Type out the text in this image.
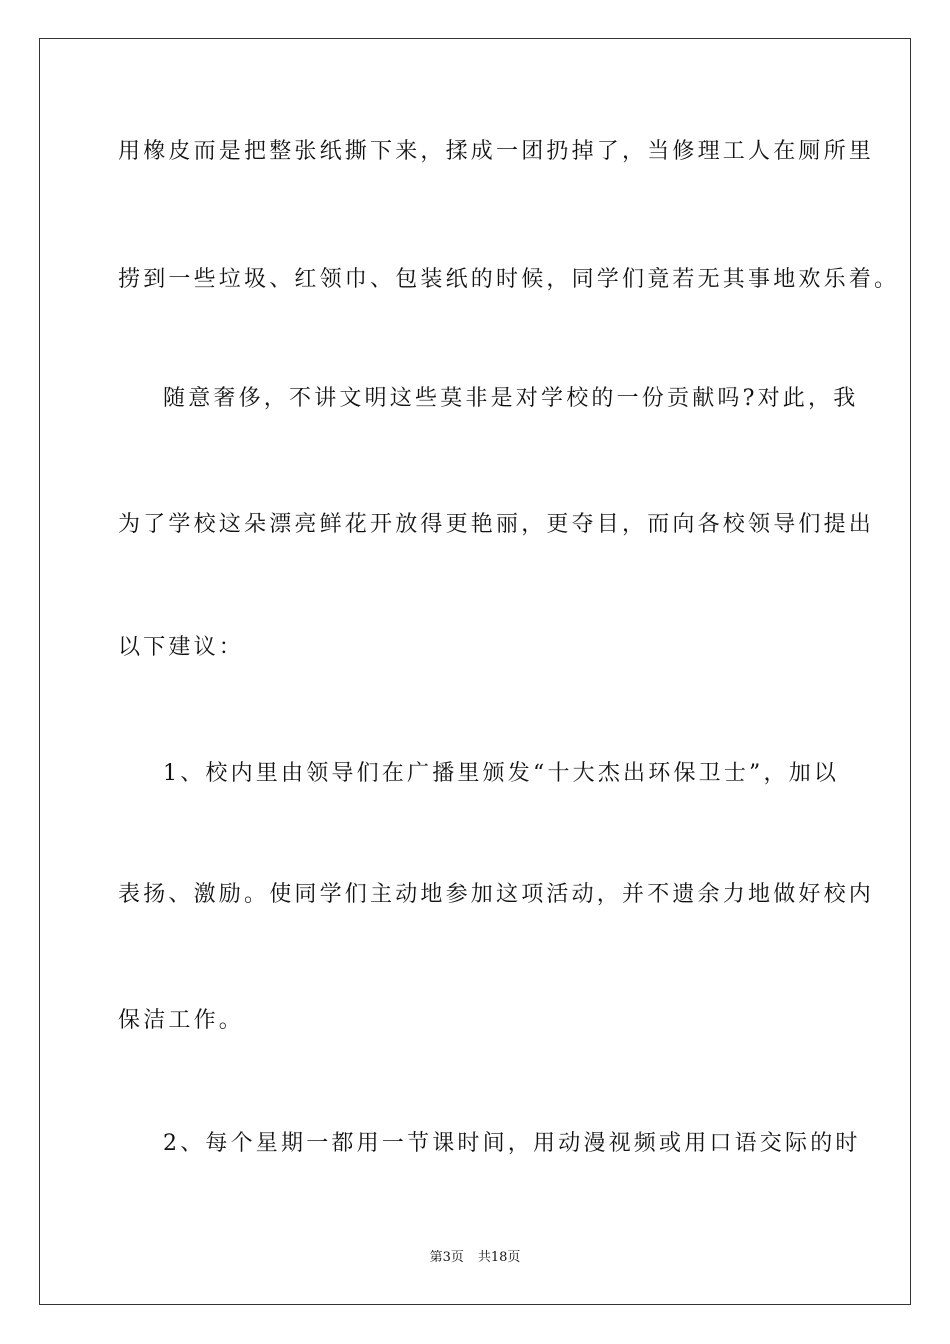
用橡皮而是把整张纸撕下来，揉成一团扔掉了，当修理工人在厕所里

捞到一些垃圾、红领巾、包装纸的时候，同学们竟若无其事地欢乐着。

随意奢侈，不讲文明这些莫非是对学校的一份贡献吗?对此，我

为了学校这朵漂亮鲜花开放得更艳丽，更夺目，而向各校领导们提出

以下建议：

1、校内里由领导们在广播里颁发“十大杰出环保卫士”，加以

表扬、激励。使同学们主动地参加这项活动，并不遗余力地做好校内

保洁工作。

2、每个星期一都用一节课时间，用动漫视频或用口语交际的时

第3页 共18页
